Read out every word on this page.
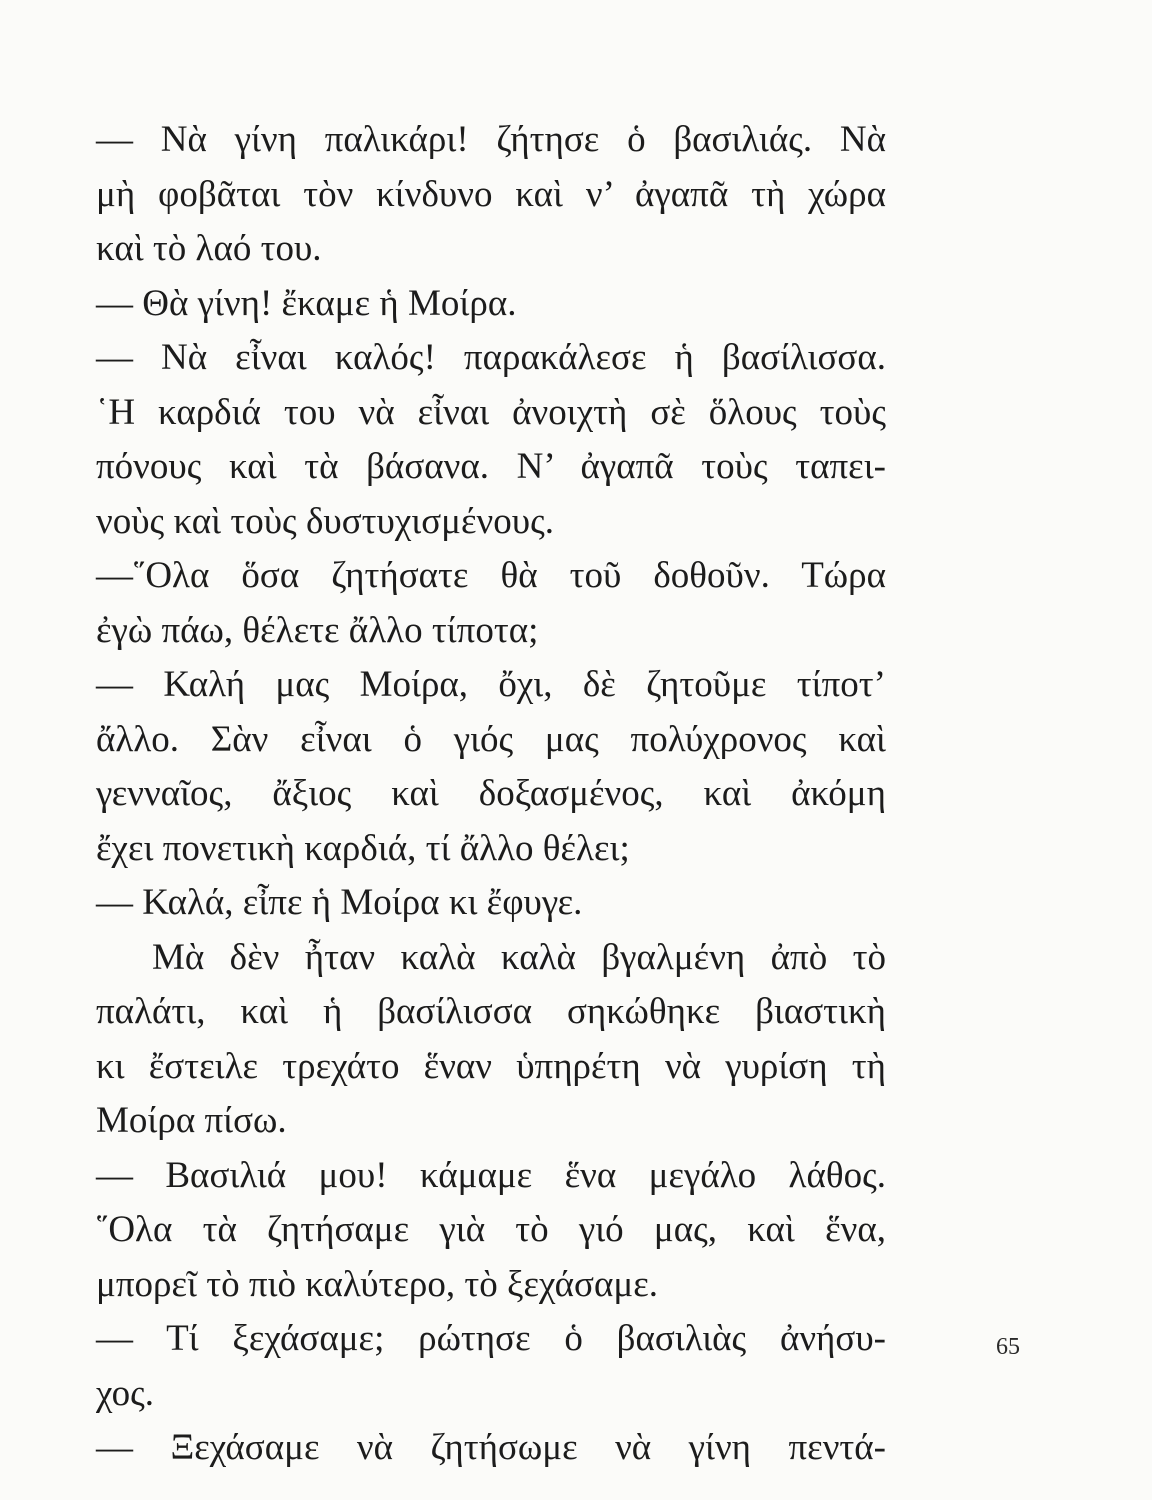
— Νὰ γίνη παλικάρι! ζήτησε ὁ βασιλιάς. Νὰ
μὴ φοβᾶται τὸν κίνδυνο καὶ ν’ ἀγαπᾶ τὴ χώρα
καὶ τὸ λαό του.
— Θὰ γίνη! ἔκαμε ἡ Μοίρα.
— Νὰ εἶναι καλός! παρακάλεσε ἡ βασίλισσα.
῾Η καρδιά του νὰ εἶναι ἀνοιχτὴ σὲ ὅλους τοὺς
πόνους καὶ τὰ βάσανα. Ν’ ἀγαπᾶ τοὺς ταπει-
νοὺς καὶ τοὺς δυστυχισμένους.
—῞Ολα ὅσα ζητήσατε θὰ τοῦ δοθοῦν. Τώρα
ἐγὼ πάω, θέλετε ἄλλο τίποτα;
— Καλή μας Μοίρα, ὄχι, δὲ ζητοῦμε τίποτ’
ἄλλο. Σὰν εἶναι ὁ γιός μας πολύχρονος καὶ
γενναῖος, ἄξιος καὶ δοξασμένος, καὶ ἀκόμη
ἔχει πονετικὴ καρδιά, τί ἄλλο θέλει;
— Καλά, εἶπε ἡ Μοίρα κι ἔφυγε.
Μὰ δὲν ἦταν καλὰ καλὰ βγαλμένη ἀπὸ τὸ
παλάτι, καὶ ἡ βασίλισσα σηκώθηκε βιαστικὴ
κι ἔστειλε τρεχάτο ἕναν ὑπηρέτη νὰ γυρίση τὴ
Μοίρα πίσω.
— Βασιλιά μου! κάμαμε ἕνα μεγάλο λάθος.
῞Ολα τὰ ζητήσαμε γιὰ τὸ γιό μας, καὶ ἕνα,
μπορεῖ τὸ πιὸ καλύτερο, τὸ ξεχάσαμε.
— Τί ξεχάσαμε; ρώτησε ὁ βασιλιὰς ἀνήσυ-
χος.
— Ξεχάσαμε νὰ ζητήσωμε νὰ γίνη πεντά-
65
